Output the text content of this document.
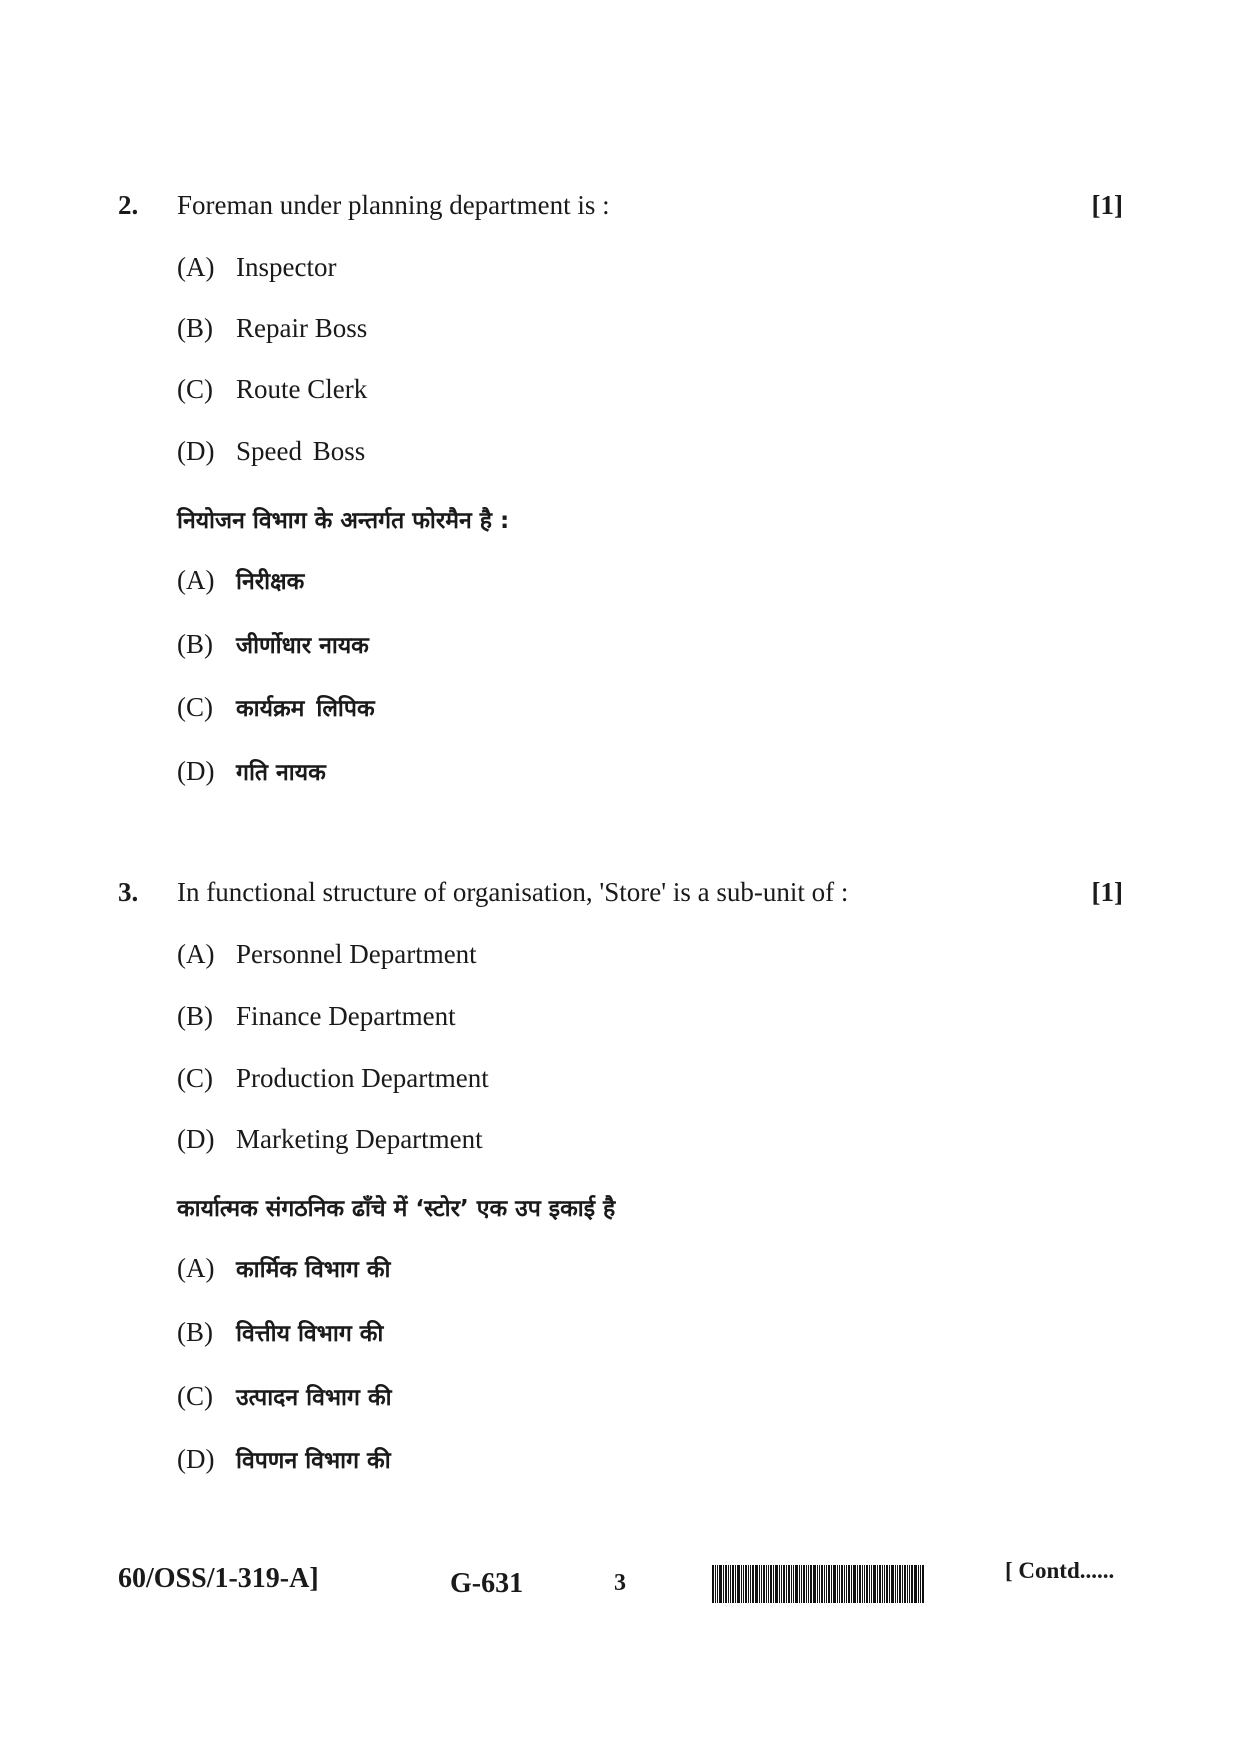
2. Foreman under planning department is :	[1]
(A) Inspector
(B) Repair Boss
(C) Route Clerk
(D) Speed Boss
नियोजन विभाग के अन्तर्गत फोरमैन है :
(A) निरीक्षक
(B) जीर्णोधार नायक
(C) कार्यक्रम लिपिक
(D) गति नायक
3. In functional structure of organisation, 'Store' is a sub-unit of :	[1]
(A) Personnel Department
(B) Finance Department
(C) Production Department
(D) Marketing Department
कार्यात्मक संगठनिक ढाँचे में ‘स्टोर’ एक उप इकाई है
(A) कार्मिक विभाग की
(B) वित्तीय विभाग की
(C) उत्पादन विभाग की
(D) विपणन विभाग की
60/OSS/1-319-A]	G-631	3	[ Contd......
